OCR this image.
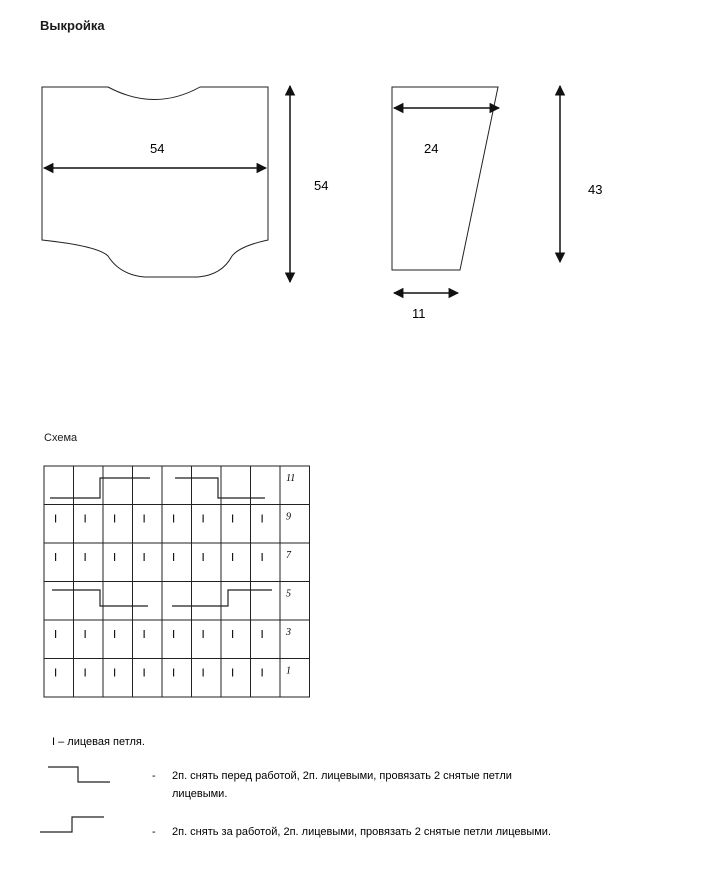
Выкройка
54
54
24
43
11
I I I I I I I I
I I I I I I I I
I I I I I I I I
I I I I I I I I
11
9
7
5
3
1
I – лицевая петля.
- 2п. снять перед работой, 2п. лицевыми, провязать 2 снятые петли
лицевыми.
- 2п. снять за работой, 2п. лицевыми, провязать 2 снятые петли лицевыми.
Схема
